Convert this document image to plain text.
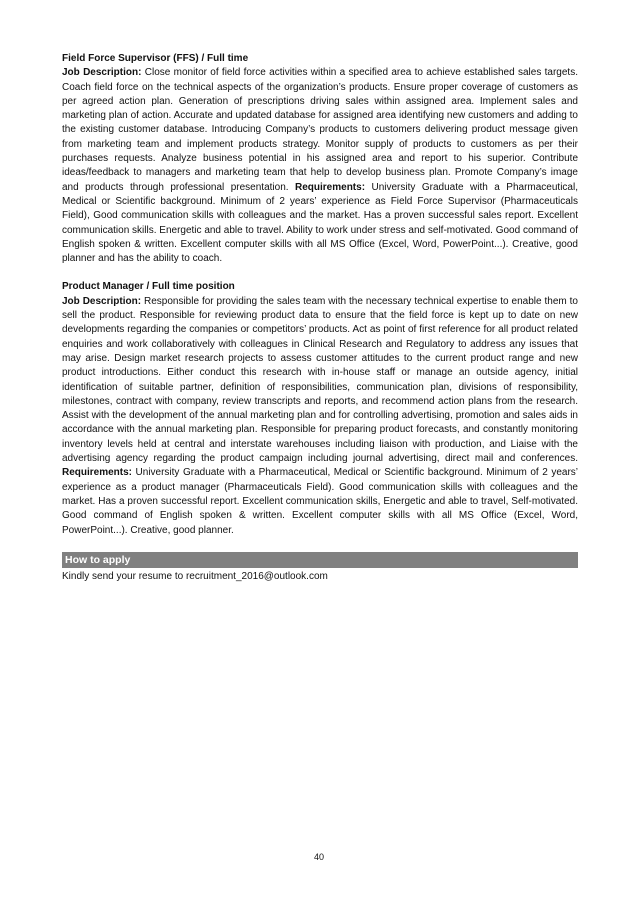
Field Force Supervisor (FFS) / Full time

Job Description: Close monitor of field force activities within a specified area to achieve established sales targets. Coach field force on the technical aspects of the organization’s products. Ensure proper coverage of customers as per agreed action plan. Generation of prescriptions driving sales within assigned area. Implement sales and marketing plan of action. Accurate and updated database for assigned area identifying new customers and adding to the existing customer database. Introducing Company’s products to customers delivering product message given from marketing team and implement products strategy. Monitor supply of products to customers as per their purchases requests. Analyze business potential in his assigned area and report to his superior. Contribute ideas/feedback to managers and marketing team that help to develop business plan. Promote Company’s image and products through professional presentation. Requirements: University Graduate with a Pharmaceutical, Medical or Scientific background. Minimum of 2 years’ experience as Field Force Supervisor (Pharmaceuticals Field), Good communication skills with colleagues and the market. Has a proven successful sales report. Excellent communication skills. Energetic and able to travel. Ability to work under stress and self-motivated. Good command of English spoken & written. Excellent computer skills with all MS Office (Excel, Word, PowerPoint...). Creative, good planner and has the ability to coach.

Product Manager / Full time position

Job Description: Responsible for providing the sales team with the necessary technical expertise to enable them to sell the product. Responsible for reviewing product data to ensure that the field force is kept up to date on new developments regarding the companies or competitors’ products. Act as point of first reference for all product related enquiries and work collaboratively with colleagues in Clinical Research and Regulatory to address any issues that may arise. Design market research projects to assess customer attitudes to the current product range and new product introductions. Either conduct this research with in-house staff or manage an outside agency, initial identification of suitable partner, definition of responsibilities, communication plan, divisions of responsibility, milestones, contract with company, review transcripts and reports, and recommend action plans from the research. Assist with the development of the annual marketing plan and for controlling advertising, promotion and sales aids in accordance with the annual marketing plan. Responsible for preparing product forecasts, and constantly monitoring inventory levels held at central and interstate warehouses including liaison with production, and Liaise with the advertising agency regarding the product campaign including journal advertising, direct mail and conferences. Requirements: University Graduate with a Pharmaceutical, Medical or Scientific background. Minimum of 2 years’ experience as a product manager (Pharmaceuticals Field). Good communication skills with colleagues and the market. Has a proven successful report. Excellent communication skills, Energetic and able to travel, Self-motivated. Good command of English spoken & written. Excellent computer skills with all MS Office (Excel, Word, PowerPoint...). Creative, good planner.

How to apply

Kindly send your resume to recruitment_2016@outlook.com

40
